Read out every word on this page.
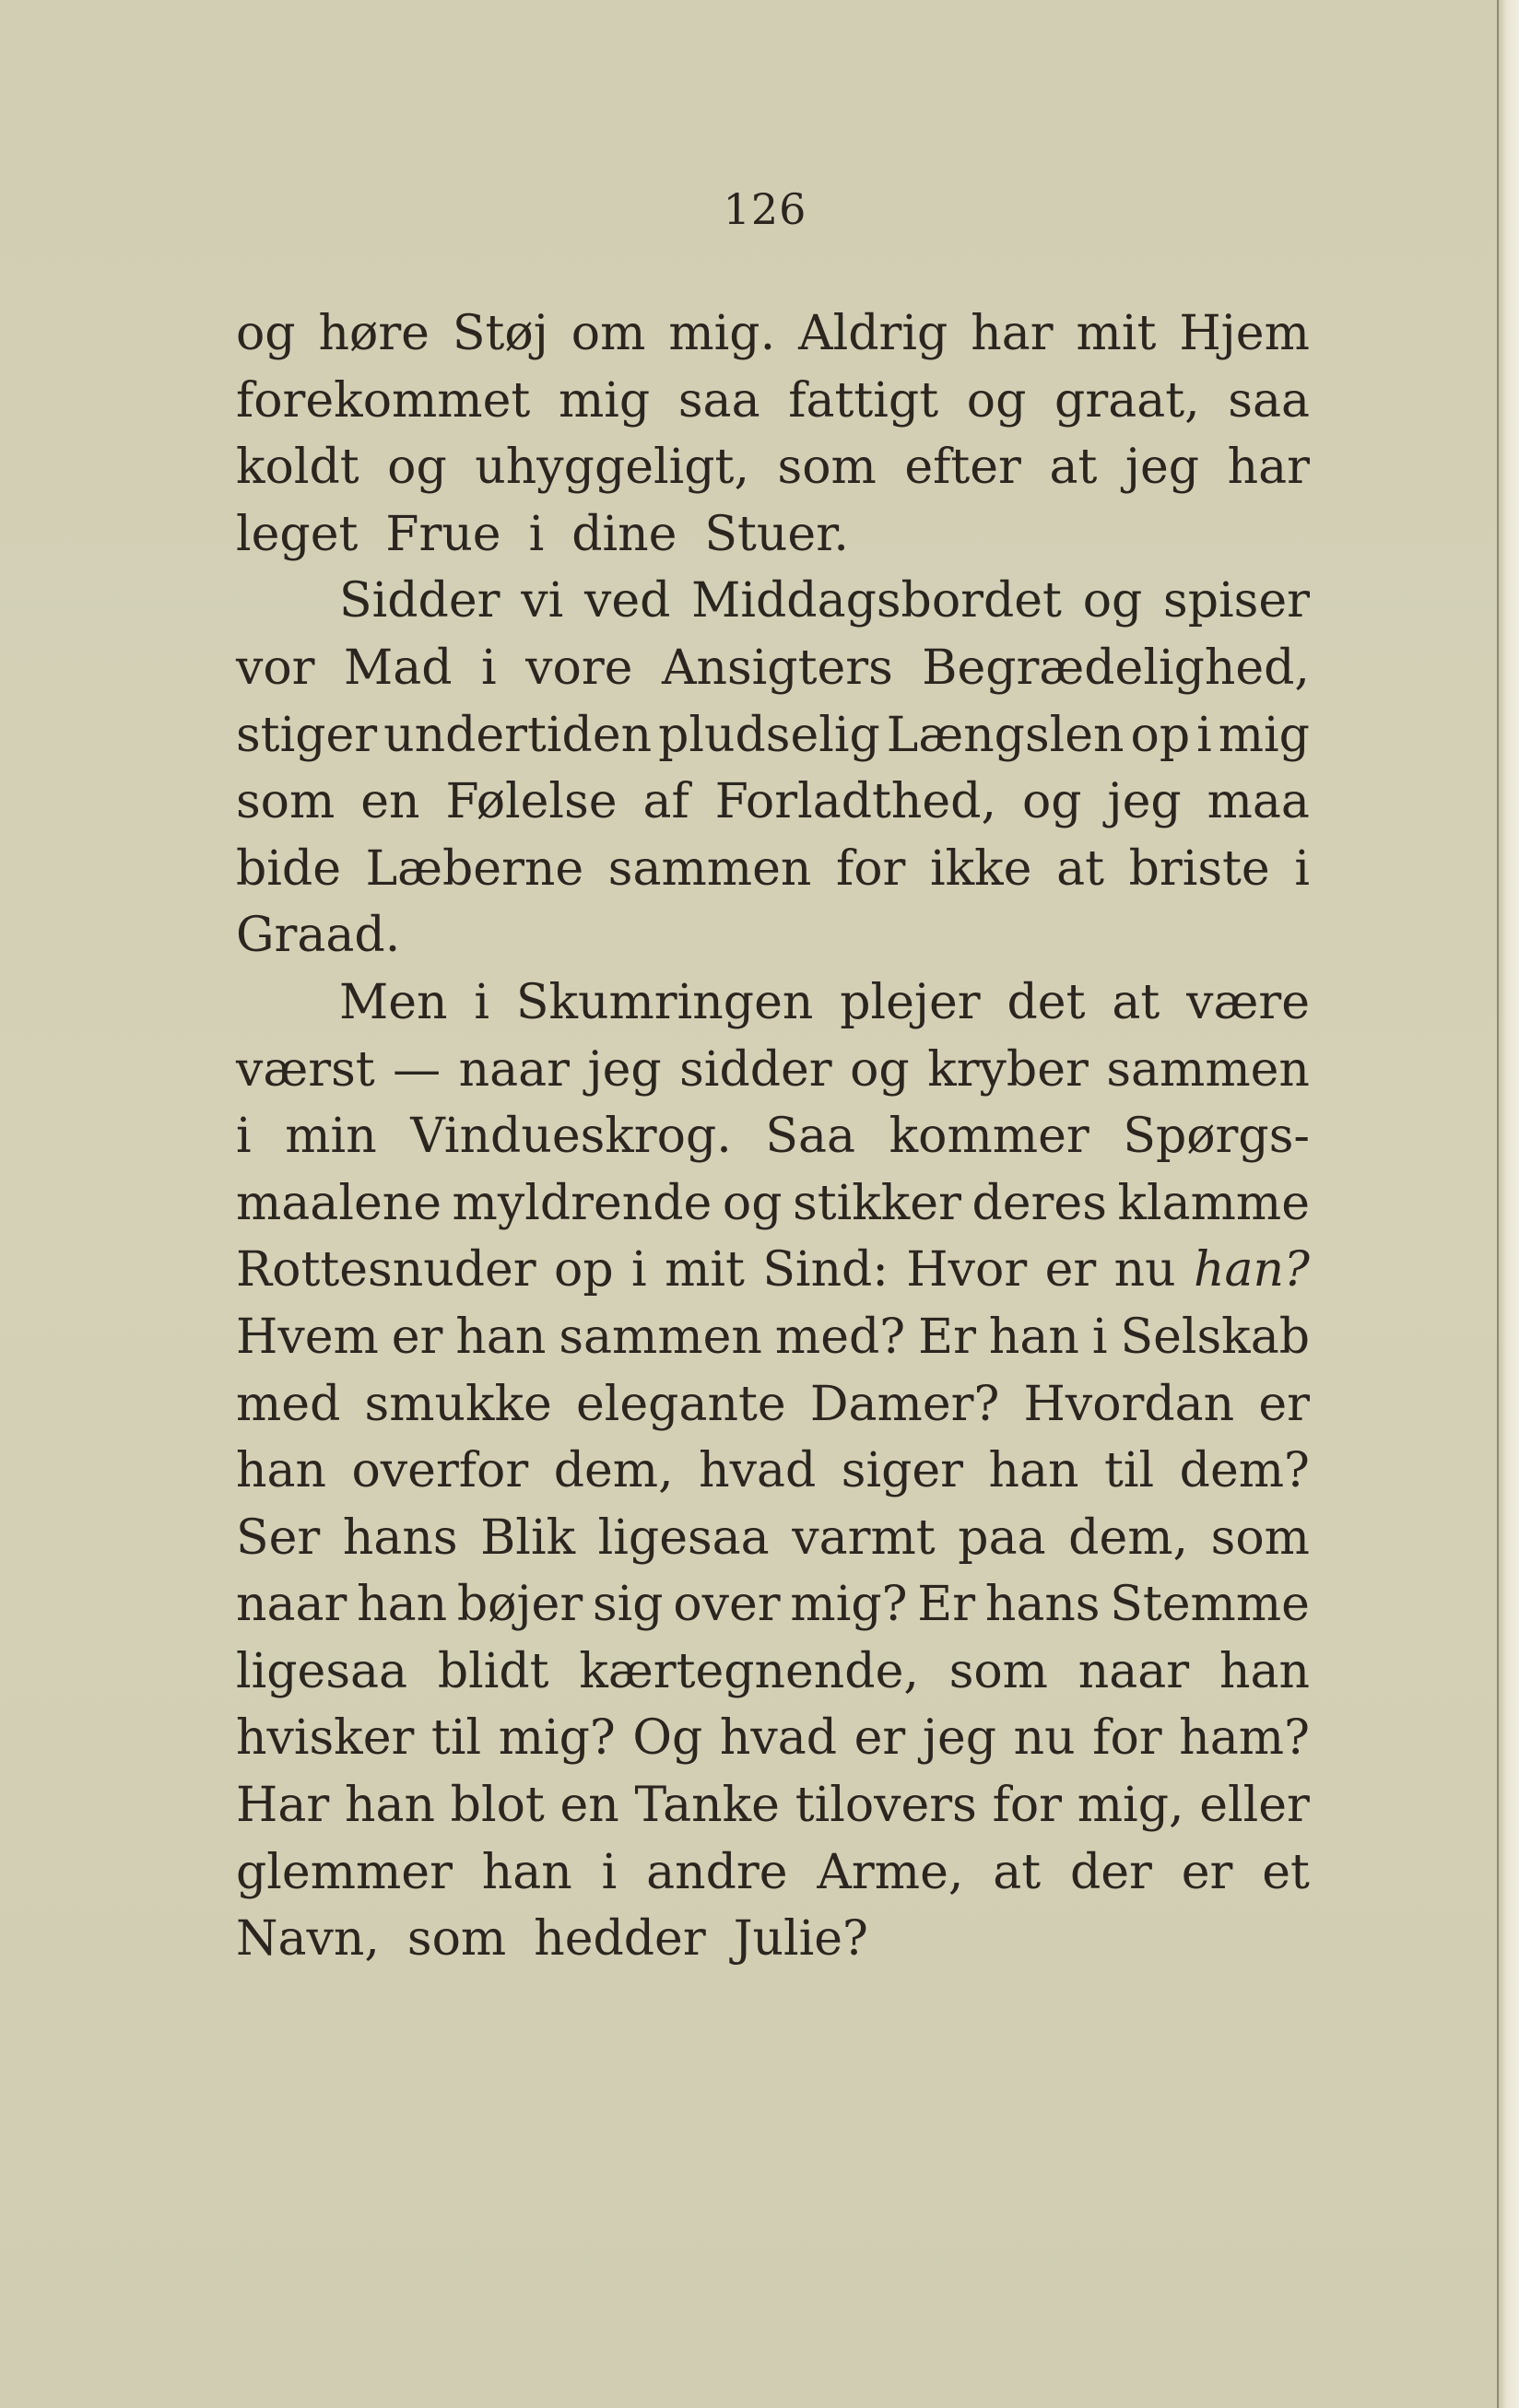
126
og høre Støj om mig. Aldrig har mit Hjem
forekommet mig saa fattigt og graat, saa
koldt og uhyggeligt, som efter at jeg har
leget Frue i dine Stuer.
Sidder vi ved Middagsbordet og spiser
vor Mad i vore Ansigters Begrædelighed,
stiger undertiden pludselig Længslen op i mig
som en Følelse af Forladthed, og jeg maa
bide Læberne sammen for ikke at briste i
Graad.
Men i Skumringen plejer det at være
værst — naar jeg sidder og kryber sammen
i min Vindueskrog. Saa kommer Spørgs-
maalene myldrende og stikker deres klamme
Rottesnuder op i mit Sind: Hvor er nu han?
Hvem er han sammen med? Er han i Selskab
med smukke elegante Damer? Hvordan er
han overfor dem, hvad siger han til dem?
Ser hans Blik ligesaa varmt paa dem, som
naar han bøjer sig over mig? Er hans Stemme
ligesaa blidt kærtegnende, som naar han
hvisker til mig? Og hvad er jeg nu for ham?
Har han blot en Tanke tilovers for mig, eller
glemmer han i andre Arme, at der er et
Navn, som hedder Julie?
